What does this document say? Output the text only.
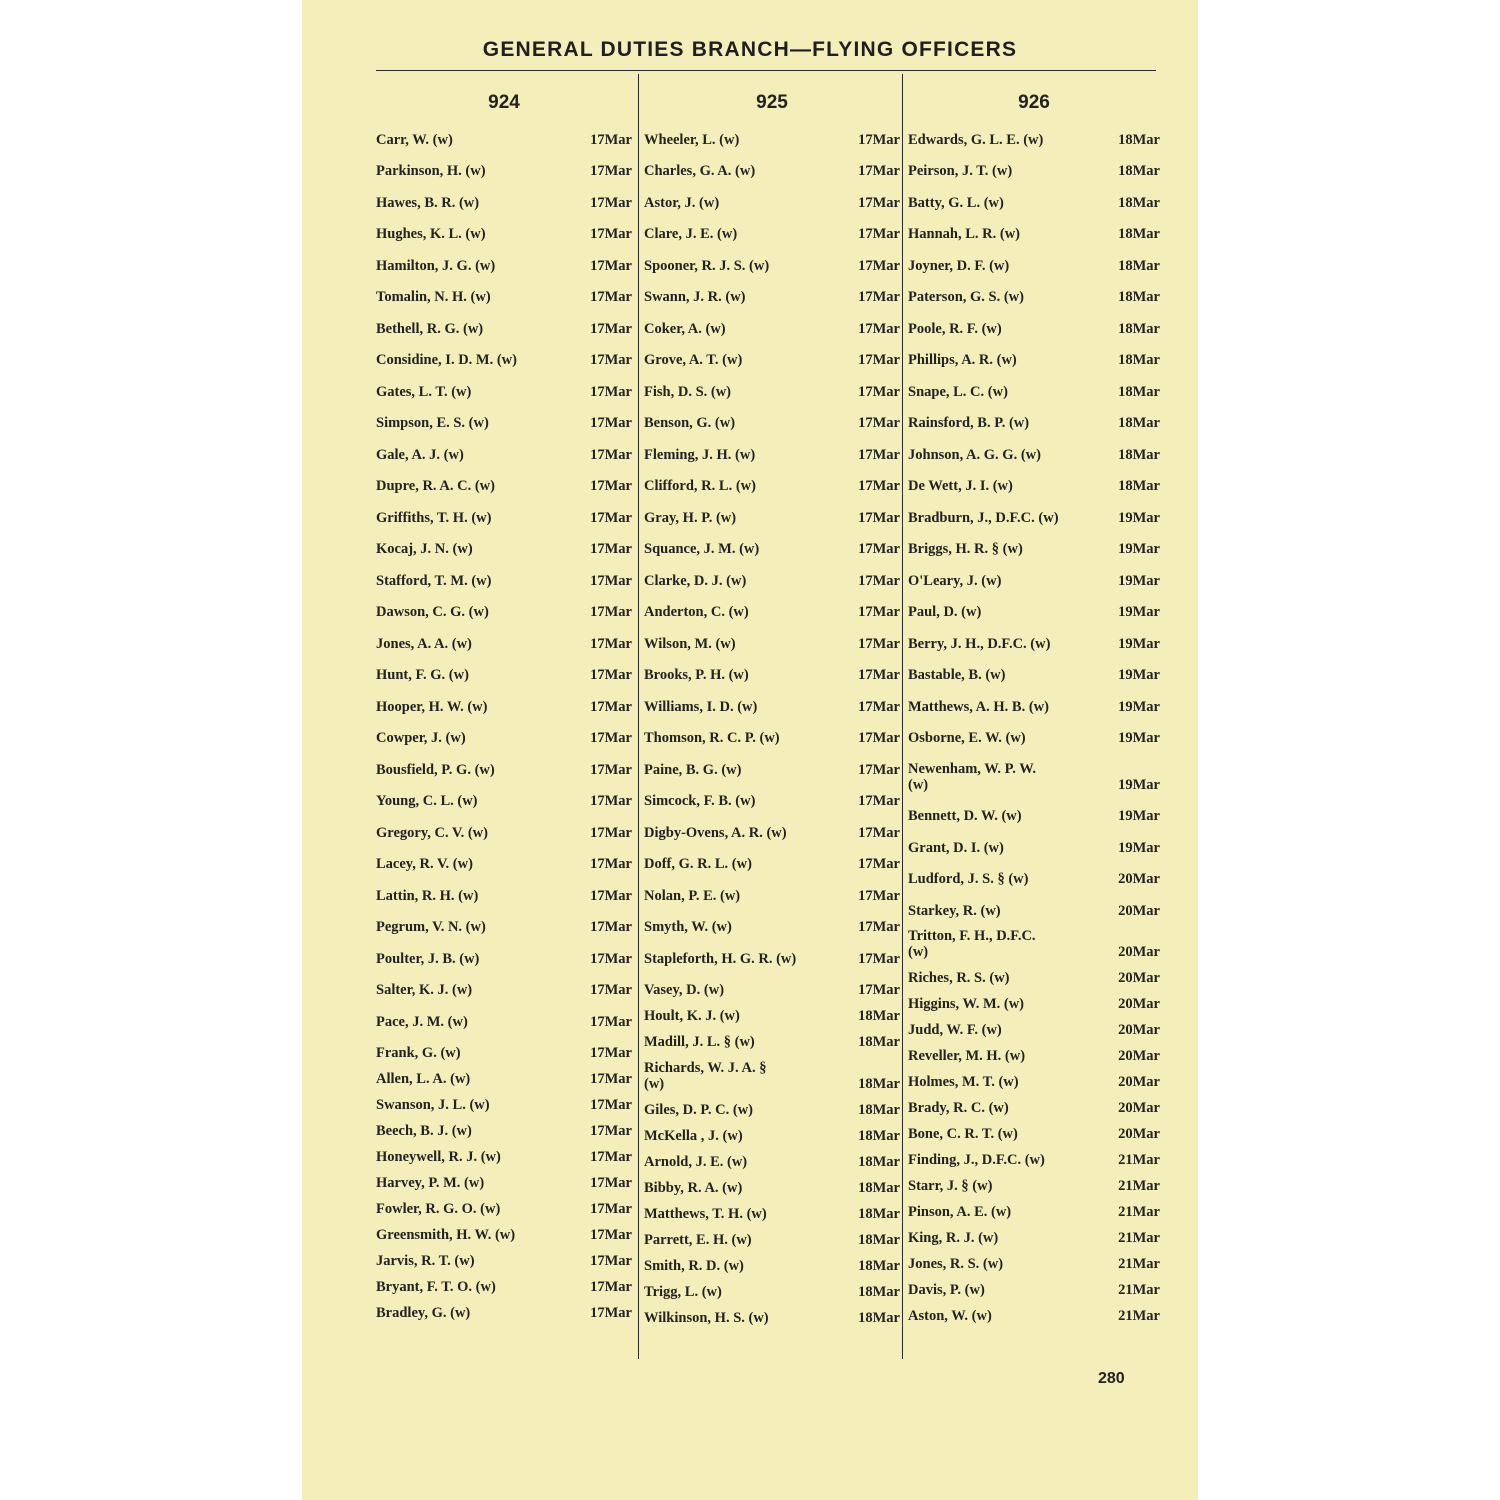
GENERAL DUTIES BRANCH—FLYING OFFICERS
924
Carr, W. (w)	17Mar
Parkinson, H. (w)	17Mar
Hawes, B. R. (w)	17Mar
Hughes, K. L. (w)	17Mar
Hamilton, J. G. (w)	17Mar
Tomalin, N. H. (w)	17Mar
Bethell, R. G. (w)	17Mar
Considine, I. D. M. (w)	17Mar
Gates, L. T. (w)	17Mar
Simpson, E. S. (w)	17Mar
Gale, A. J. (w)	17Mar
Dupre, R. A. C. (w)	17Mar
Griffiths, T. H. (w)	17Mar
Kocaj, J. N. (w)	17Mar
Stafford, T. M. (w)	17Mar
Dawson, C. G. (w)	17Mar
Jones, A. A. (w)	17Mar
Hunt, F. G. (w)	17Mar
Hooper, H. W. (w)	17Mar
Cowper, J. (w)	17Mar
Bousfield, P. G. (w)	17Mar
Young, C. L. (w)	17Mar
Gregory, C. V. (w)	17Mar
Lacey, R. V. (w)	17Mar
Lattin, R. H. (w)	17Mar
Pegrum, V. N. (w)	17Mar
Poulter, J. B. (w)	17Mar
Salter, K. J. (w)	17Mar
Pace, J. M. (w)	17Mar
Frank, G. (w)	17Mar
Allen, L. A. (w)	17Mar
Swanson, J. L. (w)	17Mar
Beech, B. J. (w)	17Mar
Honeywell, R. J. (w)	17Mar
Harvey, P. M. (w)	17Mar
Fowler, R. G. O. (w)	17Mar
Greensmith, H. W. (w)	17Mar
Jarvis, R. T. (w)	17Mar
Bryant, F. T. O. (w)	17Mar
Bradley, G. (w)	17Mar
925
Wheeler, L. (w)	17Mar
Charles, G. A. (w)	17Mar
Astor, J. (w)	17Mar
Clare, J. E. (w)	17Mar
Spooner, R. J. S. (w)	17Mar
Swann, J. R. (w)	17Mar
Coker, A. (w)	17Mar
Grove, A. T. (w)	17Mar
Fish, D. S. (w)	17Mar
Benson, G. (w)	17Mar
Fleming, J. H. (w)	17Mar
Clifford, R. L. (w)	17Mar
Gray, H. P. (w)	17Mar
Squance, J. M. (w)	17Mar
Clarke, D. J. (w)	17Mar
Anderton, C. (w)	17Mar
Wilson, M. (w)	17Mar
Brooks, P. H. (w)	17Mar
Williams, I. D. (w)	17Mar
Thomson, R. C. P. (w)	17Mar
Paine, B. G. (w)	17Mar
Simcock, F. B. (w)	17Mar
Digby-Ovens, A. R. (w)	17Mar
Doff, G. R. L. (w)	17Mar
Nolan, P. E. (w)	17Mar
Smyth, W. (w)	17Mar
Stapleforth, H. G. R. (w)	17Mar
Vasey, D. (w)	17Mar
Hoult, K. J. (w)	18Mar
Madill, J. L. § (w)	18Mar
Richards, W. J. A. §
(w)	18Mar
Giles, D. P. C. (w)	18Mar
McKella , J. (w)	18Mar
Arnold, J. E. (w)	18Mar
Bibby, R. A. (w)	18Mar
Matthews, T. H. (w)	18Mar
Parrett, E. H. (w)	18Mar
Smith, R. D. (w)	18Mar
Trigg, L. (w)	18Mar
Wilkinson, H. S. (w)	18Mar
926
Edwards, G. L. E. (w)	18Mar
Peirson, J. T. (w)	18Mar
Batty, G. L. (w)	18Mar
Hannah, L. R. (w)	18Mar
Joyner, D. F. (w)	18Mar
Paterson, G. S. (w)	18Mar
Poole, R. F. (w)	18Mar
Phillips, A. R. (w)	18Mar
Snape, L. C. (w)	18Mar
Rainsford, B. P. (w)	18Mar
Johnson, A. G. G. (w)	18Mar
De Wett, J. I. (w)	18Mar
Bradburn, J., D.F.C. (w)	19Mar
Briggs, H. R. § (w)	19Mar
O'Leary, J. (w)	19Mar
Paul, D. (w)	19Mar
Berry, J. H., D.F.C. (w)	19Mar
Bastable, B. (w)	19Mar
Matthews, A. H. B. (w)	19Mar
Osborne, E. W. (w)	19Mar
Newenham, W. P. W.
(w)	19Mar
Bennett, D. W. (w)	19Mar
Grant, D. I. (w)	19Mar
Ludford, J. S. § (w)	20Mar
Starkey, R. (w)	20Mar
Tritton, F. H., D.F.C.
(w)	20Mar
Riches, R. S. (w)	20Mar
Higgins, W. M. (w)	20Mar
Judd, W. F. (w)	20Mar
Reveller, M. H. (w)	20Mar
Holmes, M. T. (w)	20Mar
Brady, R. C. (w)	20Mar
Bone, C. R. T. (w)	20Mar
Finding, J., D.F.C. (w)	21Mar
Starr, J. § (w)	21Mar
Pinson, A. E. (w)	21Mar
King, R. J. (w)	21Mar
Jones, R. S. (w)	21Mar
Davis, P. (w)	21Mar
Aston, W. (w)	21Mar
280
